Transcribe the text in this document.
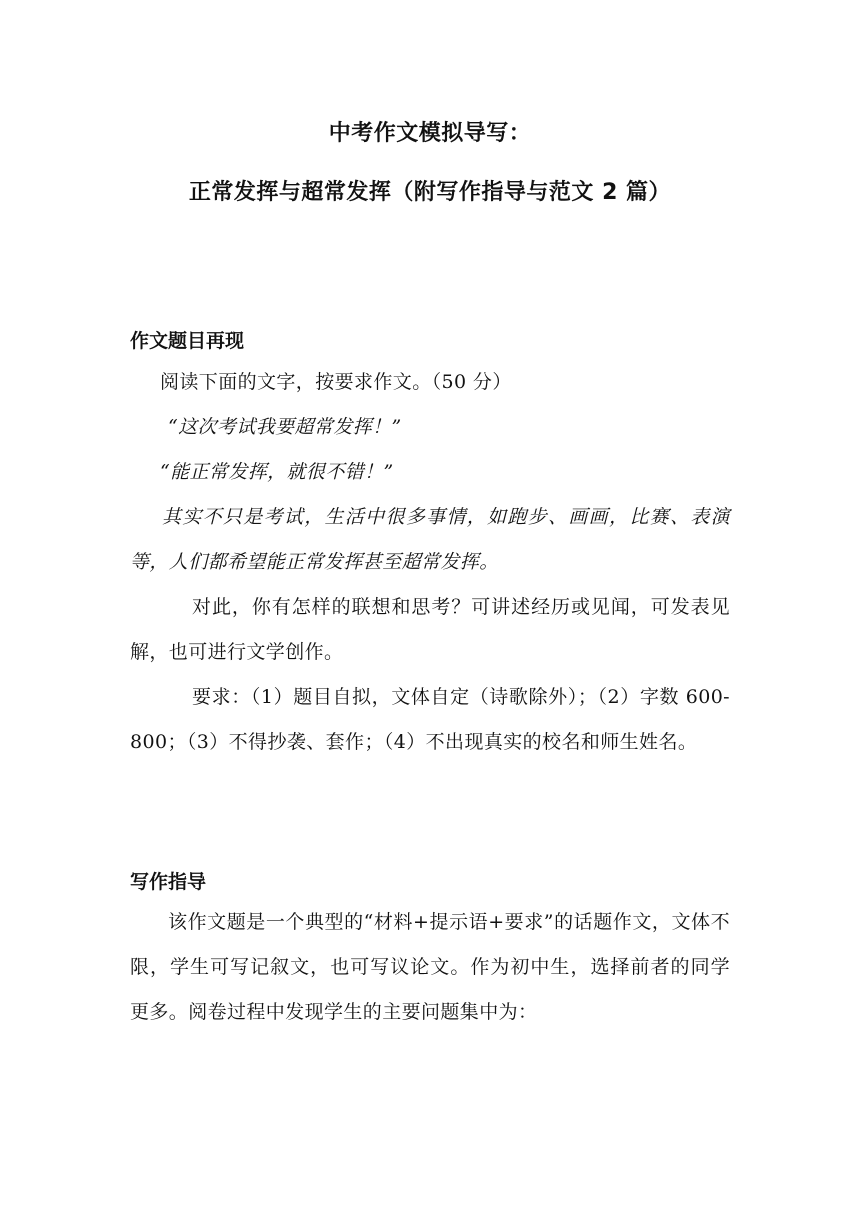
中考作文模拟导写：
正常发挥与超常发挥（附写作指导与范文 2 篇）
作文题目再现
阅读下面的文字，按要求作文。（50 分）
“这次考试我要超常发挥！”
“能正常发挥，就很不错！”
其实不只是考试，生活中很多事情，如跑步、画画，比赛、表演等，人们都希望能正常发挥甚至超常发挥。
对此，你有怎样的联想和思考？可讲述经历或见闻，可发表见解，也可进行文学创作。
要求：（1）题目自拟，文体自定（诗歌除外）；（2）字数 600-800；（3）不得抄袭、套作；（4）不出现真实的校名和师生姓名。
写作指导
该作文题是一个典型的“材料+提示语+要求”的话题作文，文体不限，学生可写记叙文，也可写议论文。作为初中生，选择前者的同学更多。阅卷过程中发现学生的主要问题集中为：
